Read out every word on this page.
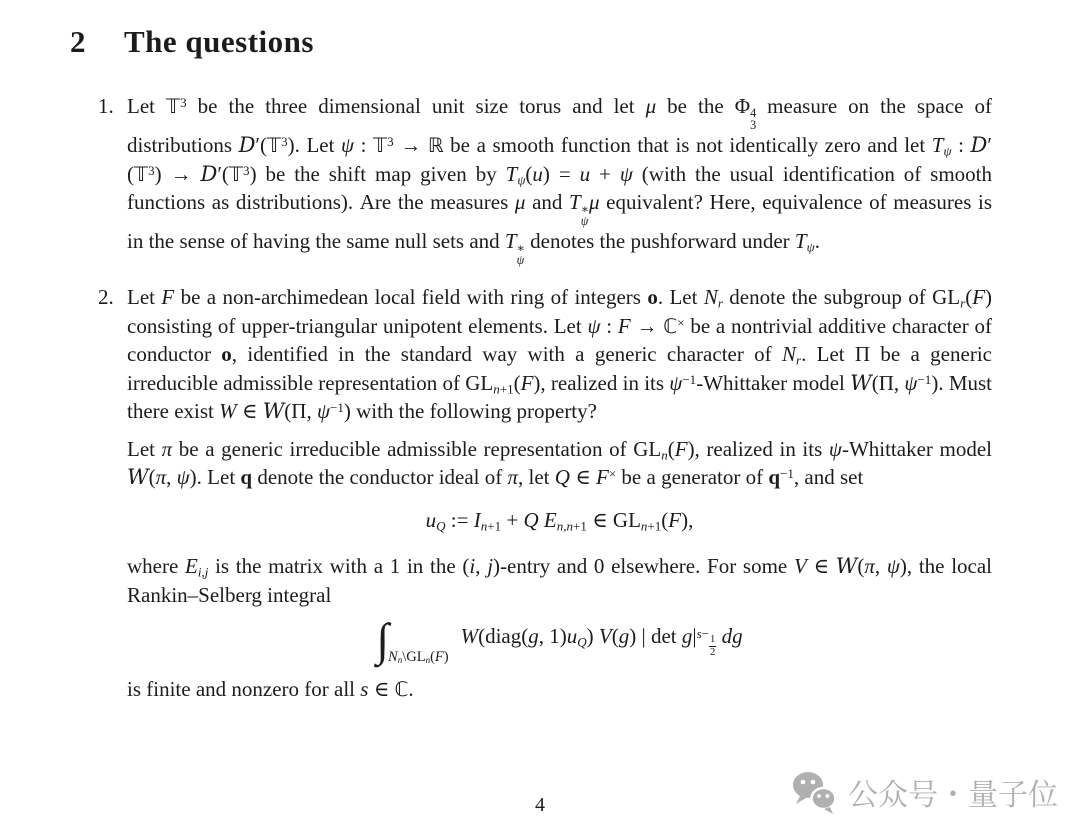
2 The questions
1. Let 𝕋$^3$ be the three dimensional unit size torus and let μ be the Φ 4
3
measure on the space of distributions D′(𝕋$^3$). Let ψ : 𝕋$^3$ → ℝ be a smooth function that is not identically zero and let $T_\psi$ : D′(𝕋$^3$) → D′(𝕋$^3$) be the shift map given by $T_\psi(u) = u + \psi$ (with the usual identification of smooth functions as distributions). Are the measures μ and T ∗
ψ
μ equivalent? Here, equivalence of measures is in the sense of having the same null sets and T ∗
ψ
denotes the pushforward under $T_\psi$.

2. Let F be a non-archimedean local field with ring of integers o. Let $N_r$ denote the subgroup of $GL_r(F)$ consisting of upper-triangular unipotent elements. Let ψ : F → ℂ× be a nontrivial additive character of conductor o, identified in the standard way with a generic character of $N_r$. Let Π be a generic irreducible admissible representation of $GL_{n+1}(F)$, realized in its $\psi^{-1}$-Whittaker model W(Π, $\psi^{-1}$). Must there exist W ∈ W(Π, $\psi^{-1}$) with the following property?

Let π be a generic irreducible admissible representation of $GL_n(F)$, realized in its ψ-Whittaker model W(π, ψ). Let q denote the conductor ideal of π, let Q ∈ F× be a generator of $q^{-1}$, and set

$u_Q$ := $I_{n+1} + Q$ $E_{n,n+1}$ ∈ $GL_{n+1}(F)$,

where $E_{i,j}$ is the matrix with a 1 in the (i, j)-entry and 0 elsewhere. For some V ∈ W(π, ψ), the local Rankin–Selberg integral

∫ $N_n\backslash GL_n(F)$
W(diag(g, $1)u_Q$) V(g) | $\det g|^{s- \frac{1}{2}}$ dg

is finite and nonzero for all s ∈ ℂ.

4	公众号・量子位
